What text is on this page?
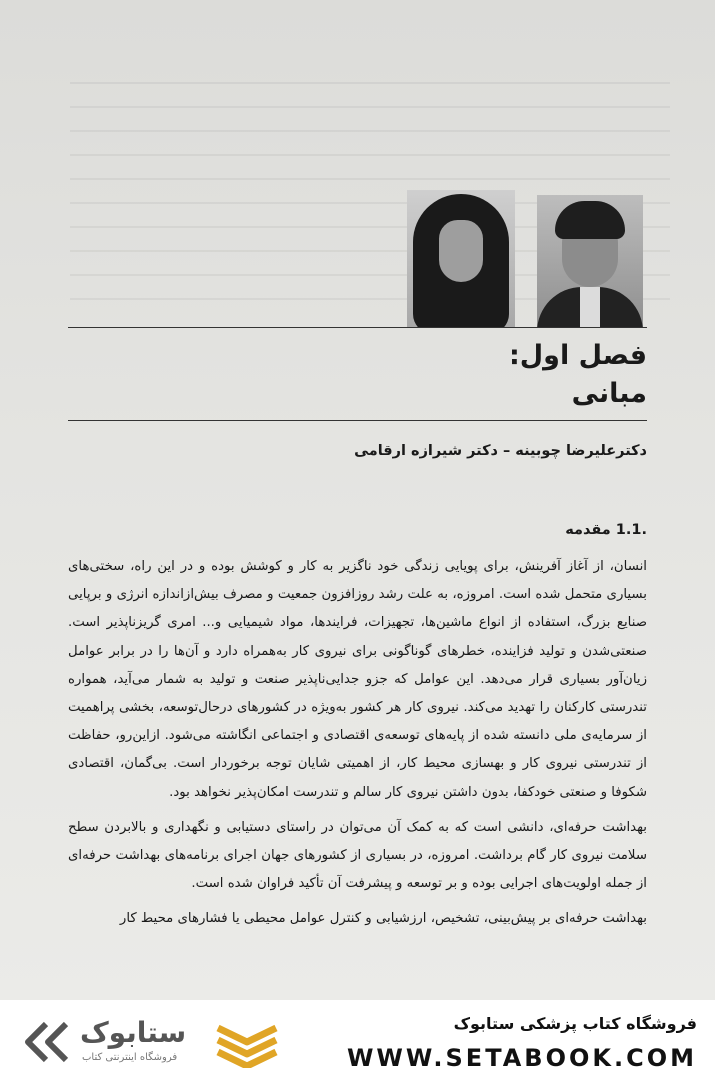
فصل اول:
مبانی
دکترعلیرضا چوبینه – دکتر شیرازه ارقامی
.1.1 مقدمه

انسان، از آغاز آفرینش، برای پویایی زندگی خود ناگزیر به کار و کوشش بوده و در این راه، سختی‌های بسیاری متحمل شده است. امروزه، به علت رشد روزافزون جمعیت و مصرف بیش‌ازاندازه انرژی و برپایی صنایع بزرگ، استفاده از انواع ماشین‌ها، تجهیزات، فرایندها، مواد شیمیایی و... امری گریزناپذیر است. صنعتی‌شدن و تولید فزاینده، خطرهای گوناگونی برای نیروی کار به‌همراه دارد و آن‌ها را در برابر عوامل زیان‌آور بسیاری قرار می‌دهد. این عوامل که جزو جدایی‌ناپذیر صنعت و تولید به شمار می‌آید، همواره تندرستی کارکنان را تهدید می‌کند. نیروی کار هر کشور به‌ویژه در کشورهای درحال‌توسعه، بخشی پراهمیت از سرمایه‌ی ملی دانسته شده از پایه‌های توسعه‌ی اقتصادی و اجتماعی انگاشته می‌شود. ازاین‌رو، حفاظت از تندرستی نیروی کار و بهسازی محیط کار، از اهمیتی شایان توجه برخوردار است. بی‌گمان، اقتصادی شکوفا و صنعتی خودکفا، بدون داشتن نیروی کار سالم و تندرست امکان‌پذیر نخواهد بود.

بهداشت حرفه‌ای، دانشی است که به کمک آن می‌توان در راستای دستیابی و نگهداری و بالابردن سطح سلامت نیروی کار گام برداشت. امروزه، در بسیاری از کشورهای جهان اجرای برنامه‌های بهداشت حرفه‌ای از جمله اولویت‌های اجرایی بوده و بر توسعه و پیشرفت آن تأکید فراوان شده است.

بهداشت حرفه‌ای بر پیش‌بینی، تشخیص، ارزشیابی و کنترل عوامل محیطی یا فشارهای محیط کار

ستابوک
فروشگاه اینترنتی کتاب
فروشگاه کتاب پزشکی ستابوک
WWW.SETABOOK.COM
